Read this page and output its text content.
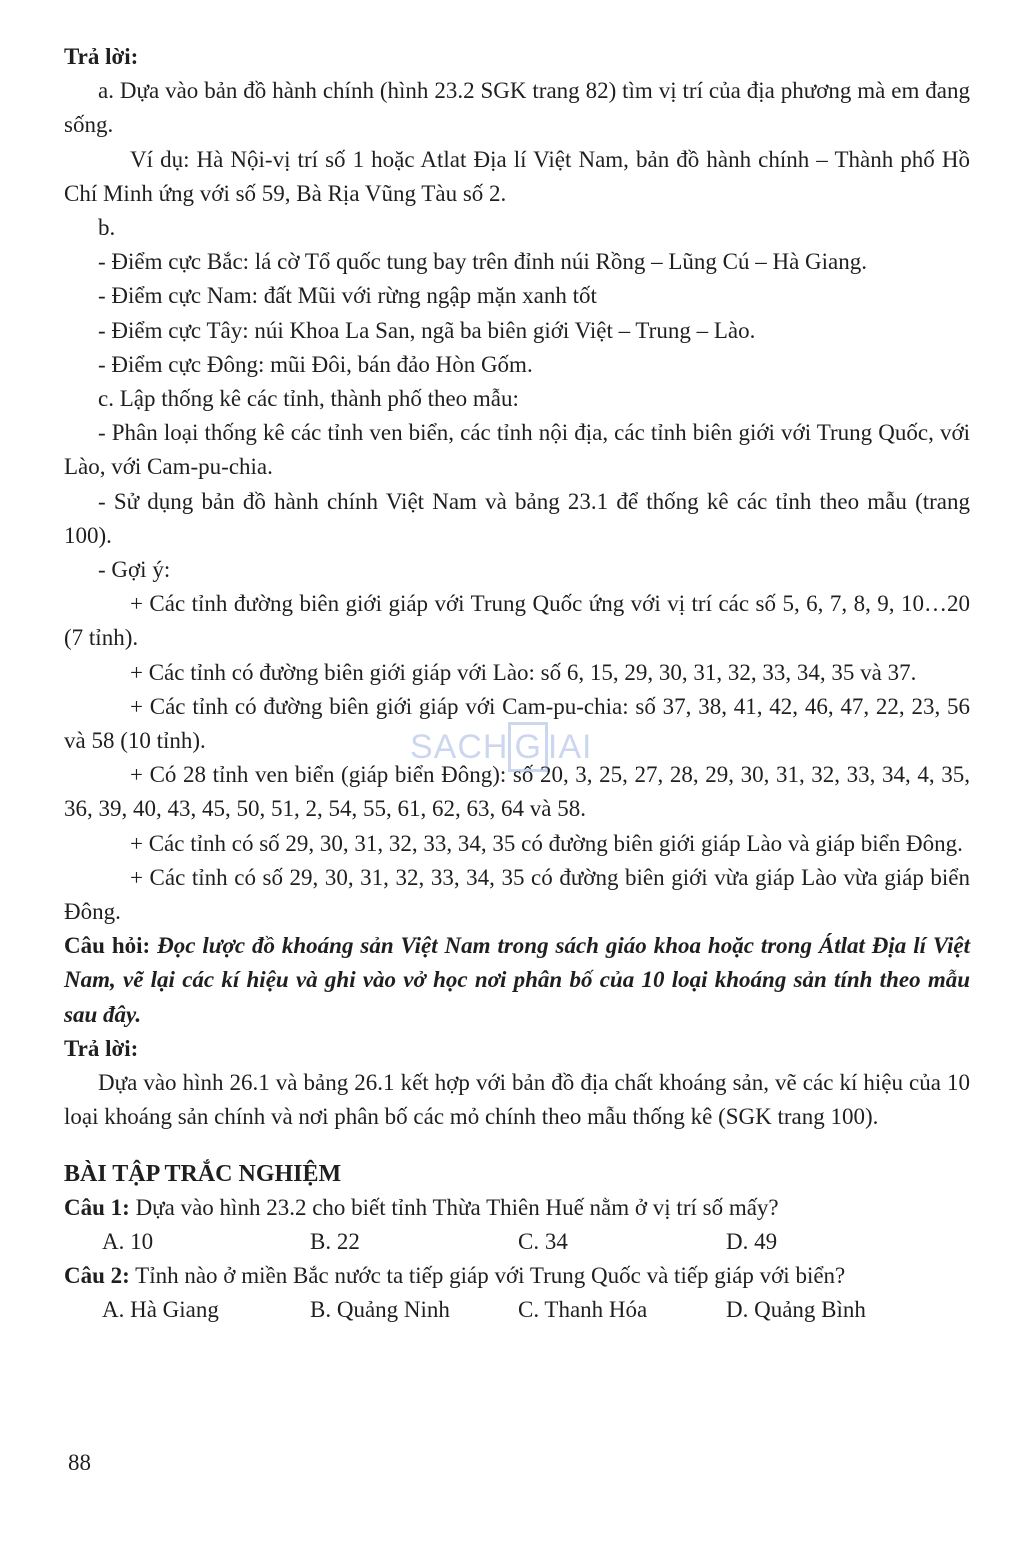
Trả lời:

a. Dựa vào bản đồ hành chính (hình 23.2 SGK trang 82) tìm vị trí của địa phương mà em đang sống.

Ví dụ: Hà Nội-vị trí số 1 hoặc Atlat Địa lí Việt Nam, bản đồ hành chính – Thành phố Hồ Chí Minh ứng với số 59, Bà Rịa Vũng Tàu số 2.

b.

- Điểm cực Bắc: lá cờ Tổ quốc tung bay trên đỉnh núi Rồng – Lũng Cú – Hà Giang.

- Điểm cực Nam: đất Mũi với rừng ngập mặn xanh tốt

- Điểm cực Tây: núi Khoa La San, ngã ba biên giới Việt – Trung – Lào.

- Điểm cực Đông: mũi Đôi, bán đảo Hòn Gốm.

c. Lập thống kê các tỉnh, thành phố theo mẫu:

- Phân loại thống kê các tỉnh ven biển, các tỉnh nội địa, các tỉnh biên giới với Trung Quốc, với Lào, với Cam-pu-chia.

- Sử dụng bản đồ hành chính Việt Nam và bảng 23.1 để thống kê các tỉnh theo mẫu (trang 100).

- Gợi ý:

+ Các tỉnh đường biên giới giáp với Trung Quốc ứng với vị trí các số 5, 6, 7, 8, 9, 10…20 (7 tỉnh).

+ Các tỉnh có đường biên giới giáp với Lào: số 6, 15, 29, 30, 31, 32, 33, 34, 35 và 37.

+ Các tỉnh có đường biên giới giáp với Cam-pu-chia: số 37, 38, 41, 42, 46, 47, 22, 23, 56 và 58 (10 tỉnh).

+ Có 28 tỉnh ven biển (giáp biển Đông): số 20, 3, 25, 27, 28, 29, 30, 31, 32, 33, 34, 4, 35, 36, 39, 40, 43, 45, 50, 51, 2, 54, 55, 61, 62, 63, 64 và 58.

+ Các tỉnh có số 29, 30, 31, 32, 33, 34, 35 có đường biên giới giáp Lào và giáp biển Đông.

+ Các tỉnh có số 29, 30, 31, 32, 33, 34, 35 có đường biên giới vừa giáp Lào vừa giáp biển Đông.

Câu hỏi: Đọc lược đồ khoáng sản Việt Nam trong sách giáo khoa hoặc trong Átlat Địa lí Việt Nam, vẽ lại các kí hiệu và ghi vào vở học nơi phân bố của 10 loại khoáng sản tính theo mẫu sau đây.

Trả lời:

Dựa vào hình 26.1 và bảng 26.1 kết hợp với bản đồ địa chất khoáng sản, vẽ các kí hiệu của 10 loại khoáng sản chính và nơi phân bố các mỏ chính theo mẫu thống kê (SGK trang 100).

BÀI TẬP TRẮC NGHIỆM

Câu 1: Dựa vào hình 23.2 cho biết tỉnh Thừa Thiên Huế nằm ở vị trí số mấy?

A. 10	B. 22	C. 34	D. 49

Câu 2: Tỉnh nào ở miền Bắc nước ta tiếp giáp với Trung Quốc và tiếp giáp với biển?

A. Hà Giang	B. Quảng Ninh	C. Thanh Hóa	D. Quảng Bình
SACH G IAI
88
